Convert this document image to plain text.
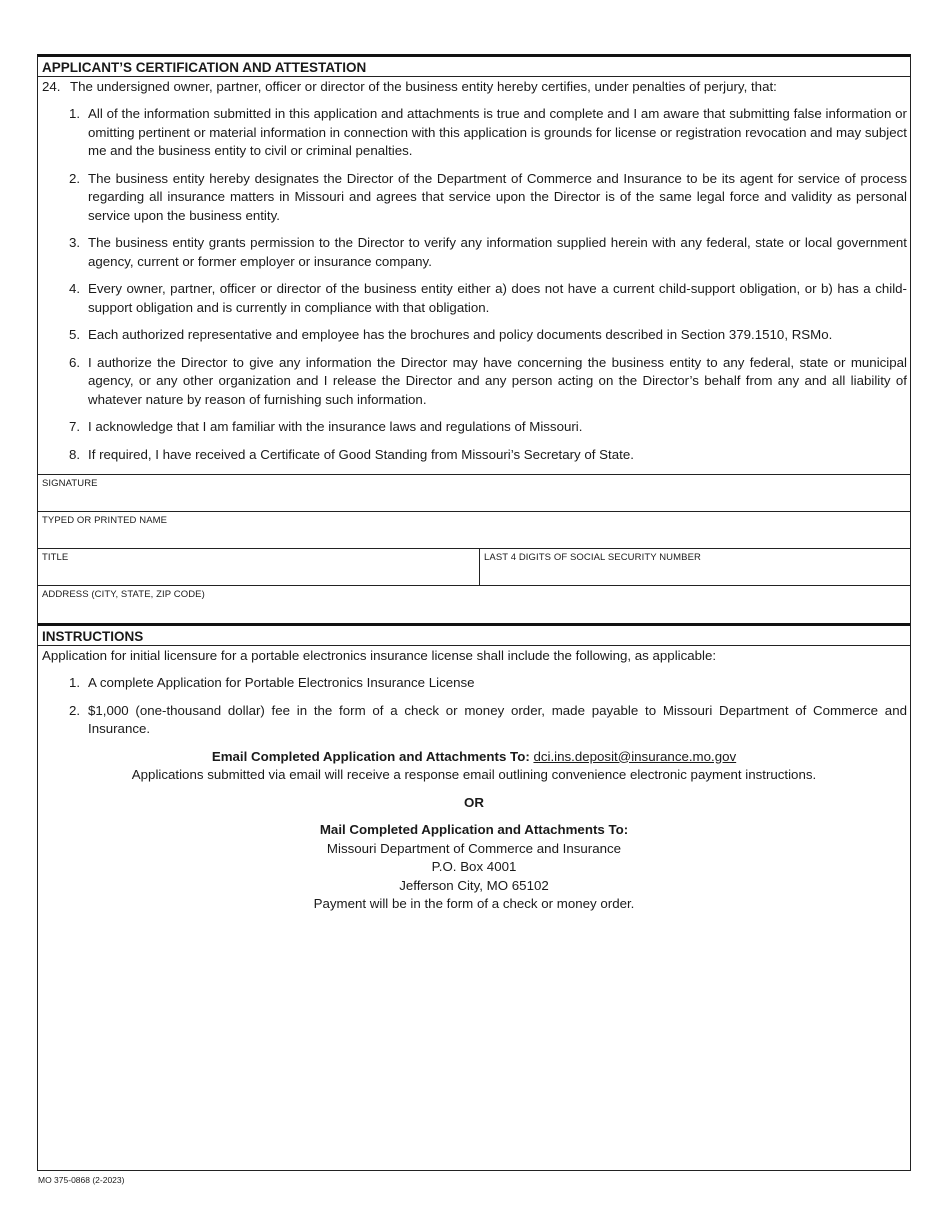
APPLICANT’S CERTIFICATION AND ATTESTATION
24. The undersigned owner, partner, officer or director of the business entity hereby certifies, under penalties of perjury, that:
1. All of the information submitted in this application and attachments is true and complete and I am aware that submitting false information or omitting pertinent or material information in connection with this application is grounds for license or registration revocation and may subject me and the business entity to civil or criminal penalties.
2. The business entity hereby designates the Director of the Department of Commerce and Insurance to be its agent for service of process regarding all insurance matters in Missouri and agrees that service upon the Director is of the same legal force and validity as personal service upon the business entity.
3. The business entity grants permission to the Director to verify any information supplied herein with any federal, state or local government agency, current or former employer or insurance company.
4. Every owner, partner, officer or director of the business entity either a) does not have a current child-support obligation, or b) has a child-support obligation and is currently in compliance with that obligation.
5. Each authorized representative and employee has the brochures and policy documents described in Section 379.1510, RSMo.
6. I authorize the Director to give any information the Director may have concerning the business entity to any federal, state or municipal agency, or any other organization and I release the Director and any person acting on the Director’s behalf from any and all liability of whatever nature by reason of furnishing such information.
7. I acknowledge that I am familiar with the insurance laws and regulations of Missouri.
8. If required, I have received a Certificate of Good Standing from Missouri’s Secretary of State.
SIGNATURE
TYPED OR PRINTED NAME
TITLE	LAST 4 DIGITS OF SOCIAL SECURITY NUMBER
ADDRESS (CITY, STATE, ZIP CODE)
INSTRUCTIONS
Application for initial licensure for a portable electronics insurance license shall include the following, as applicable:
1. A complete Application for Portable Electronics Insurance License
2. $1,000 (one-thousand dollar) fee in the form of a check or money order, made payable to Missouri Department of Commerce and Insurance.
Email Completed Application and Attachments To: dci.ins.deposit@insurance.mo.gov
Applications submitted via email will receive a response email outlining convenience electronic payment instructions.
OR
Mail Completed Application and Attachments To:
Missouri Department of Commerce and Insurance
P.O. Box 4001
Jefferson City, MO 65102
Payment will be in the form of a check or money order.
MO 375-0868 (2-2023)
